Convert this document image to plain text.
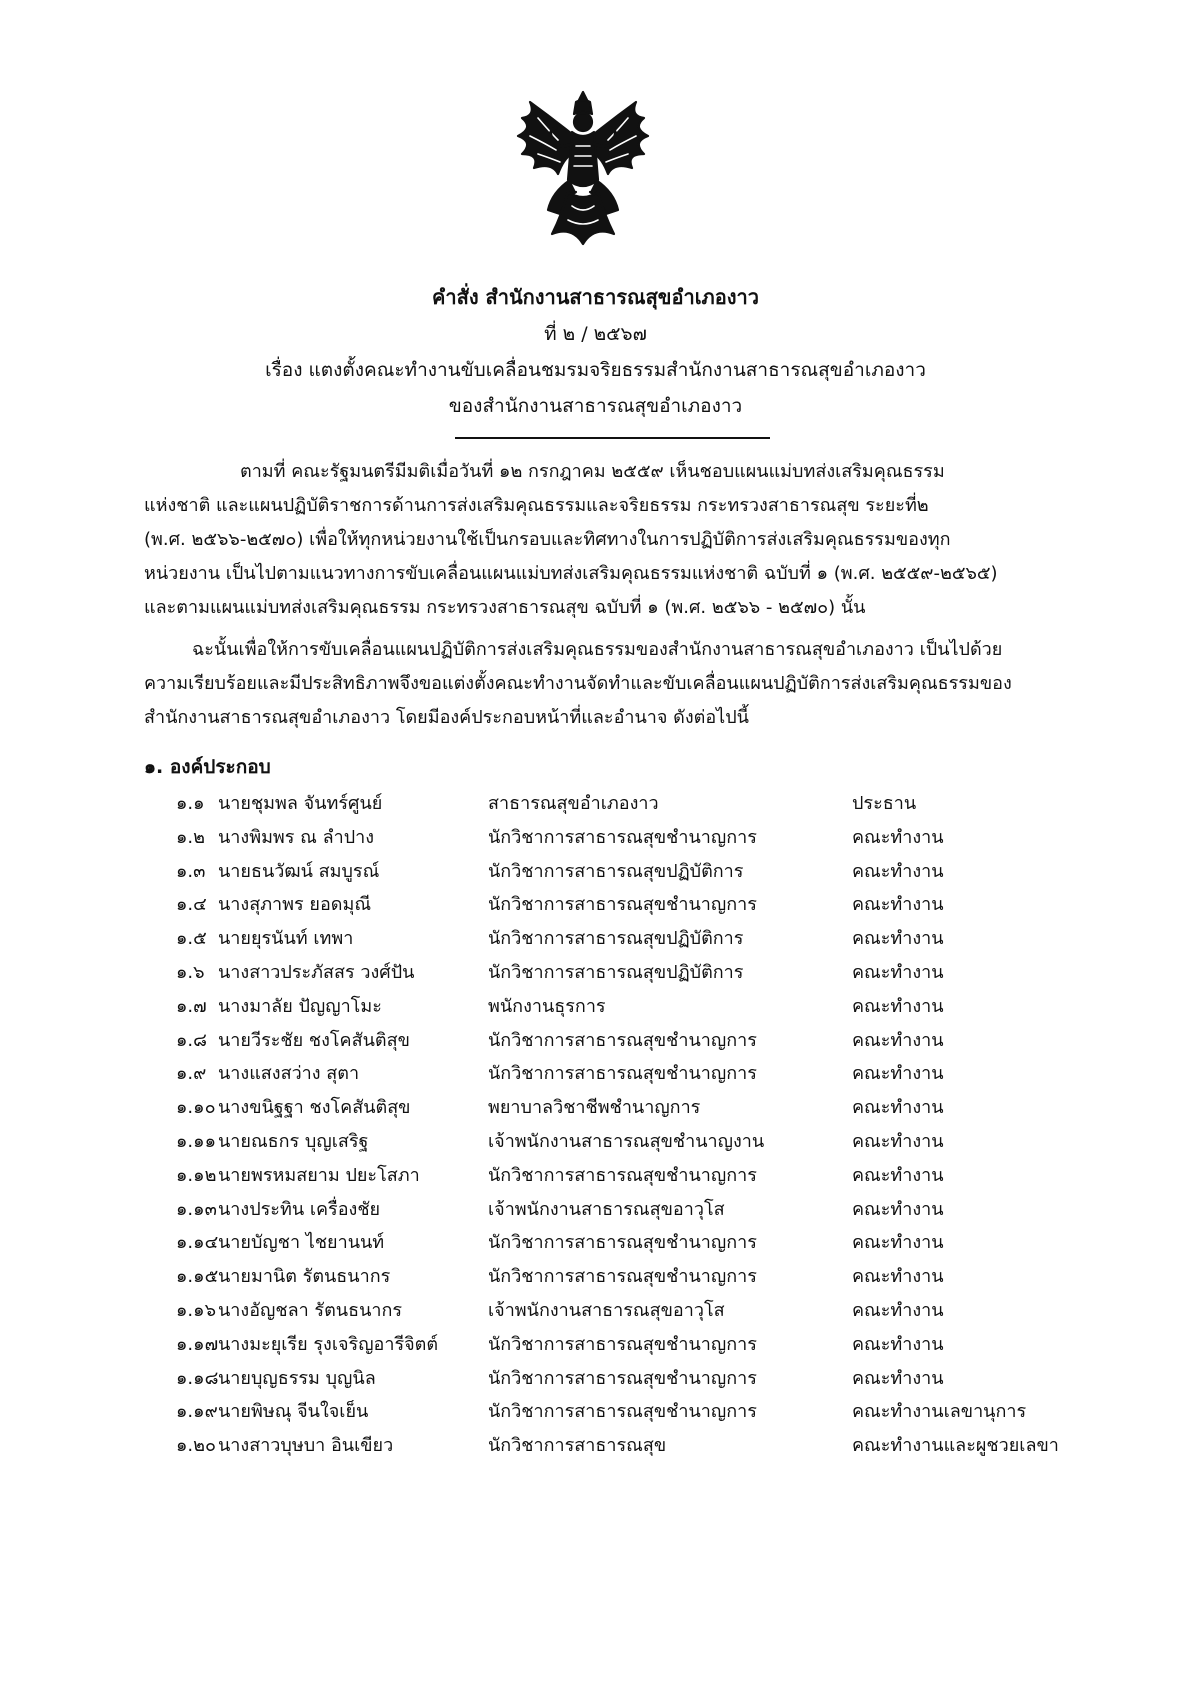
คำสั่ง สำนักงานสาธารณสุขอำเภองาว
ที่ ๒ / ๒๕๖๗
เรื่อง แตงตั้งคณะทำงานขับเคลื่อนชมรมจริยธรรมสำนักงานสาธารณสุขอำเภองาว
ของสำนักงานสาธารณสุขอำเภองาว
ตามที่ คณะรัฐมนตรีมีมติเมื่อวันที่ ๑๒ กรกฎาคม ๒๕๕๙ เห็นชอบแผนแม่บทส่งเสริมคุณธรรม
แห่งชาติ และแผนปฏิบัติราชการด้านการส่งเสริมคุณธรรมและจริยธรรม กระทรวงสาธารณสุข ระยะที่๒
(พ.ศ. ๒๕๖๖-๒๕๗๐) เพื่อให้ทุกหน่วยงานใช้เป็นกรอบและทิศทางในการปฏิบัติการส่งเสริมคุณธรรมของทุก
หน่วยงาน เป็นไปตามแนวทางการขับเคลื่อนแผนแม่บทส่งเสริมคุณธรรมแห่งชาติ ฉบับที่ ๑ (พ.ศ. ๒๕๕๙-๒๕๖๕)
และตามแผนแม่บทส่งเสริมคุณธรรม กระทรวงสาธารณสุข ฉบับที่ ๑ (พ.ศ. ๒๕๖๖ - ๒๕๗๐) นั้น
ฉะนั้นเพื่อให้การขับเคลื่อนแผนปฏิบัติการส่งเสริมคุณธรรมของสำนักงานสาธารณสุขอำเภองาว เป็นไปด้วย
ความเรียบร้อยและมีประสิทธิภาพจึงขอแต่งตั้งคณะทำงานจัดทำและขับเคลื่อนแผนปฏิบัติการส่งเสริมคุณธรรมของ
สำนักงานสาธารณสุขอำเภองาว โดยมีองค์ประกอบหน้าที่และอำนาจ ดังต่อไปนี้
๑. องค์ประกอบ
๑.๑ นายชุมพล จันทร์ศูนย์	สาธารณสุขอำเภองาว	ประธาน
๑.๒ นางพิมพร ณ ลำปาง	นักวิชาการสาธารณสุขชำนาญการ	คณะทำงาน
๑.๓ นายธนวัฒน์ สมบูรณ์	นักวิชาการสาธารณสุขปฏิบัติการ	คณะทำงาน
๑.๔ นางสุภาพร ยอดมุณี	นักวิชาการสาธารณสุขชำนาญการ	คณะทำงาน
๑.๕ นายยุรนันท์ เทพา	นักวิชาการสาธารณสุขปฏิบัติการ	คณะทำงาน
๑.๖ นางสาวประภัสสร วงศ์ปัน	นักวิชาการสาธารณสุขปฏิบัติการ	คณะทำงาน
๑.๗ นางมาลัย ปัญญาโมะ	พนักงานธุรการ	คณะทำงาน
๑.๘ นายวีระชัย ชงโคสันติสุข	นักวิชาการสาธารณสุขชำนาญการ	คณะทำงาน
๑.๙ นางแสงสว่าง สุตา	นักวิชาการสาธารณสุขชำนาญการ	คณะทำงาน
๑.๑๐ นางขนิฐฐา ชงโคสันติสุข	พยาบาลวิชาชีพชำนาญการ	คณะทำงาน
๑.๑๑ นายณธกร บุญเสริฐ	เจ้าพนักงานสาธารณสุขชำนาญงาน	คณะทำงาน
๑.๑๒ นายพรหมสยาม ปยะโสภา	นักวิชาการสาธารณสุขชำนาญการ	คณะทำงาน
๑.๑๓ นางประทิน เครื่องชัย	เจ้าพนักงานสาธารณสุขอาวุโส	คณะทำงาน
๑.๑๔ นายบัญชา ไชยานนท์	นักวิชาการสาธารณสุขชำนาญการ	คณะทำงาน
๑.๑๕ นายมานิต รัตนธนากร	นักวิชาการสาธารณสุขชำนาญการ	คณะทำงาน
๑.๑๖ นางอัญชลา รัตนธนากร	เจ้าพนักงานสาธารณสุขอาวุโส	คณะทำงาน
๑.๑๗ นางมะยุเรีย รุงเจริญอารีจิตต์	นักวิชาการสาธารณสุขชำนาญการ	คณะทำงาน
๑.๑๘ นายบุญธรรม บุญนิล	นักวิชาการสาธารณสุขชำนาญการ	คณะทำงาน
๑.๑๙ นายพิษณุ จีนใจเย็น	นักวิชาการสาธารณสุขชำนาญการ	คณะทำงานเลขานุการ
๑.๒๐ นางสาวบุษบา อินเขียว	นักวิชาการสาธารณสุข	คณะทำงานและผูชวยเลขา
